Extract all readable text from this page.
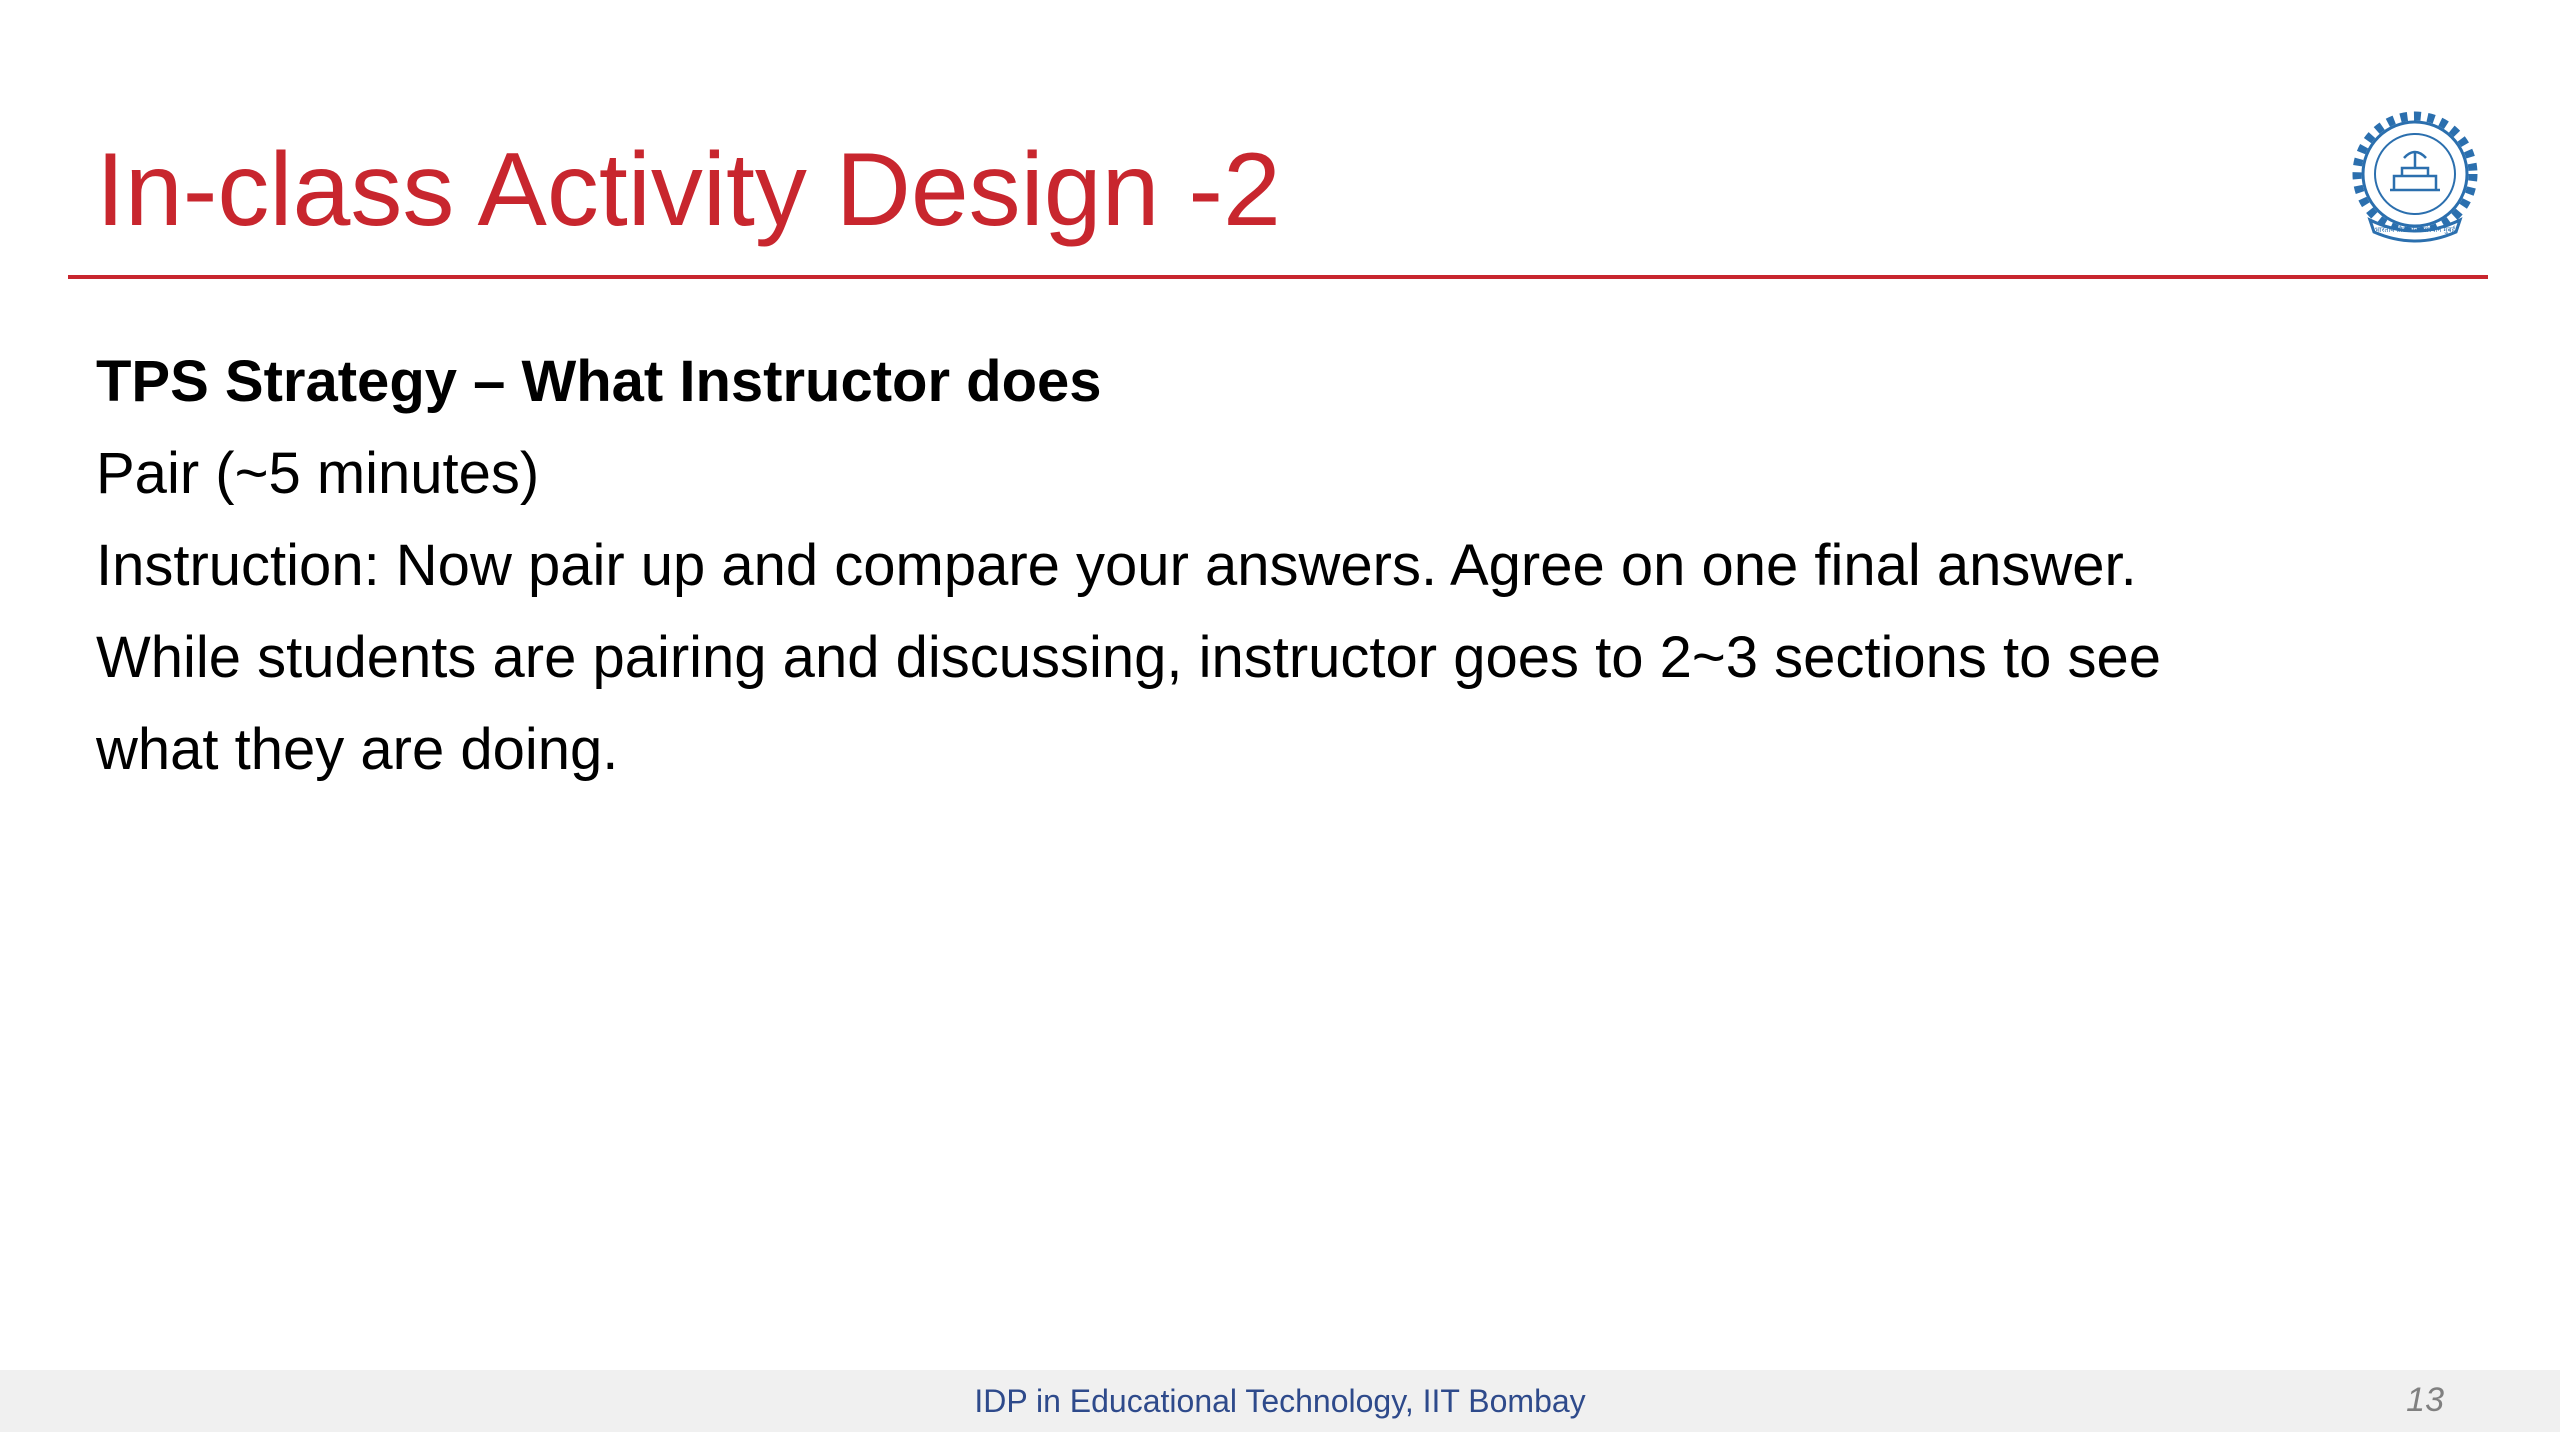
In-class Activity Design -2	भारतीय प्रौद्योगिकी संस्थान मुंबई

TPS Strategy – What Instructor does

Pair (~5 minutes)

Instruction: Now pair up and compare your answers. Agree on one final answer.

While students are pairing and discussing, instructor goes to 2~3 sections to see

what they are doing.

IDP in Educational Technology, IIT Bombay	13
